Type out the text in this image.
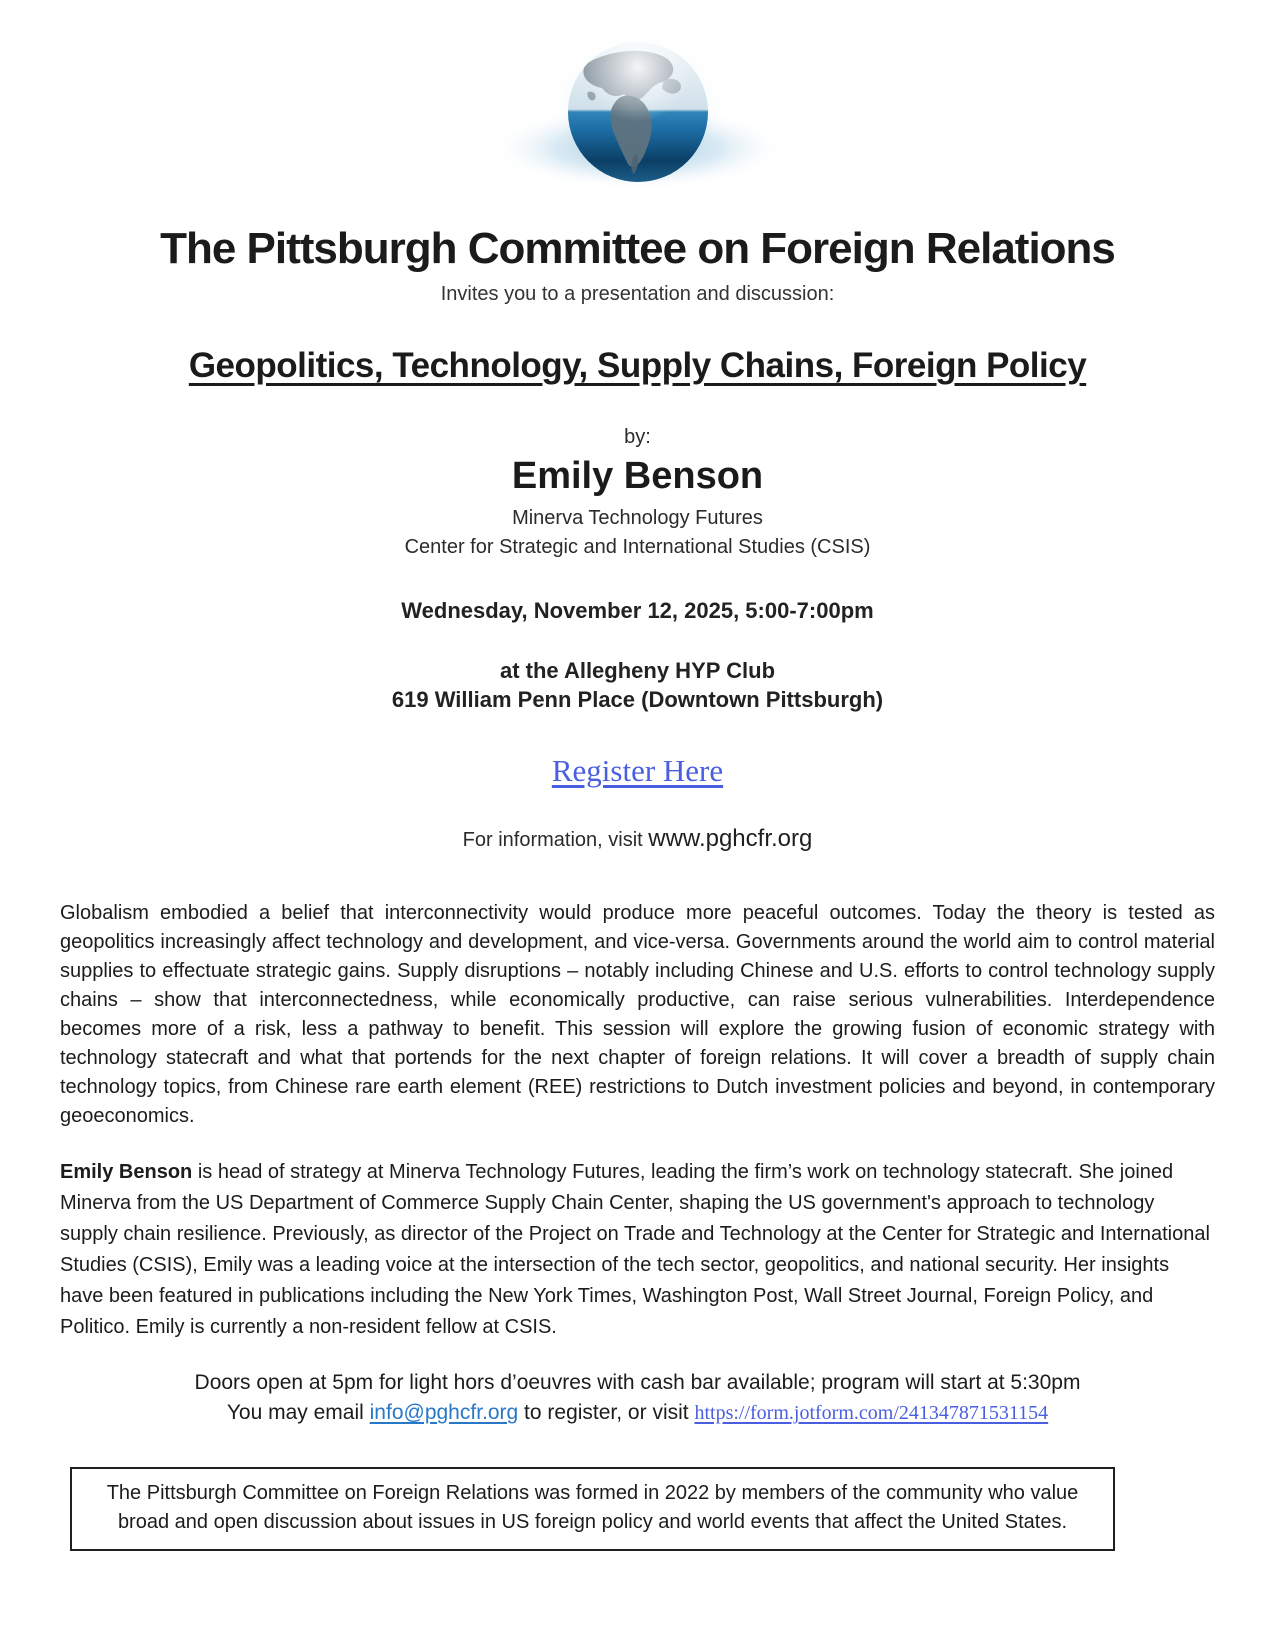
The Pittsburgh Committee on Foreign Relations
Invites you to a presentation and discussion:
Geopolitics, Technology, Supply Chains, Foreign Policy
by:
Emily Benson
Minerva Technology Futures
Center for Strategic and International Studies (CSIS)
Wednesday, November 12, 2025, 5:00-7:00pm
at the Allegheny HYP Club
619 William Penn Place (Downtown Pittsburgh)
Register Here
For information, visit www.pghcfr.org

Globalism embodied a belief that interconnectivity would produce more peaceful outcomes. Today the theory is tested as geopolitics increasingly affect technology and development, and vice-versa. Governments around the world aim to control material supplies to effectuate strategic gains. Supply disruptions – notably including Chinese and U.S. efforts to control technology supply chains – show that interconnectedness, while economically productive, can raise serious vulnerabilities. Interdependence becomes more of a risk, less a pathway to benefit. This session will explore the growing fusion of economic strategy with technology statecraft and what that portends for the next chapter of foreign relations. It will cover a breadth of supply chain technology topics, from Chinese rare earth element (REE) restrictions to Dutch investment policies and beyond, in contemporary geoeconomics.

Emily Benson is head of strategy at Minerva Technology Futures, leading the firm’s work on technology statecraft. She joined Minerva from the US Department of Commerce Supply Chain Center, shaping the US government's approach to technology supply chain resilience. Previously, as director of the Project on Trade and Technology at the Center for Strategic and International Studies (CSIS), Emily was a leading voice at the intersection of the tech sector, geopolitics, and national security. Her insights have been featured in publications including the New York Times, Washington Post, Wall Street Journal, Foreign Policy, and Politico. Emily is currently a non-resident fellow at CSIS.

Doors open at 5pm for light hors d’oeuvres with cash bar available; program will start at 5:30pm
You may email info@pghcfr.org to register, or visit https://form.jotform.com/241347871531154
The Pittsburgh Committee on Foreign Relations was formed in 2022 by members of the community who value broad and open discussion about issues in US foreign policy and world events that affect the United States.
